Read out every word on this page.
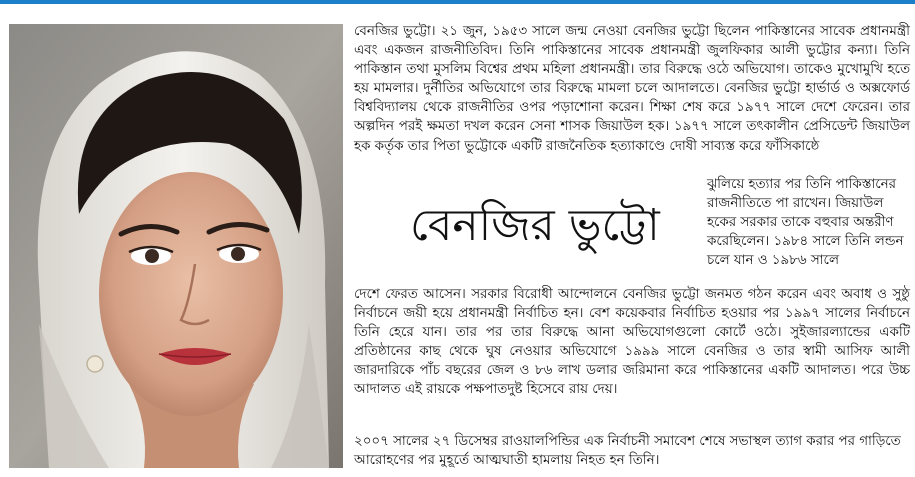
বেনজির ভুট্টো। ২১ জুন, ১৯৫৩ সালে জন্ম নেওয়া বেনজির ভুট্টো ছিলেন পাকিস্তানের সাবেক প্রধানমন্ত্রী এবং একজন রাজনীতিবিদ। তিনি পাকিস্তানের সাবেক প্রধানমন্ত্রী জুলফিকার আলী ভুট্টোর কন্যা। তিনি পাকিস্তান তথা মুসলিম বিশ্বের প্রথম মহিলা প্রধানমন্ত্রী। তার বিরুদ্ধে ওঠে অভিযোগ। তাকেও মুখোমুখি হতে হয় মামলার। দুর্নীতির অভিযোগে তার বিরুদ্ধে মামলা চলে আদালতে। বেনজির ভুট্টো হার্ভার্ড ও অক্সফোর্ড বিশ্ববিদ্যালয় থেকে রাজনীতির ওপর পড়াশোনা করেন। শিক্ষা শেষ করে ১৯৭৭ সালে দেশে ফেরেন। তার অল্পদিন পরই ক্ষমতা দখল করেন সেনা শাসক জিয়াউল হক। ১৯৭৭ সালে তৎকালীন প্রেসিডেন্ট জিয়াউল হক কর্তৃক তার পিতা ভুট্টোকে একটি রাজনৈতিক হত্যাকাণ্ডে দোষী সাব্যস্ত করে ফাঁসিকাষ্ঠে

ঝুলিয়ে হত্যার পর তিনি পাকিস্তানের রাজনীতিতে পা রাখেন। জিয়াউল হকের সরকার তাকে বহুবার অন্তরীণ করেছিলেন। ১৯৮৪ সালে তিনি লন্ডন চলে যান ও ১৯৮৬ সালে

বেনজির ভুট্টো

দেশে ফেরত আসেন। সরকার বিরোধী আন্দোলনে বেনজির ভুট্টো জনমত গঠন করেন এবং অবাধ ও সুষ্ঠু নির্বাচনে জয়ী হয়ে প্রধানমন্ত্রী নির্বাচিত হন। বেশ কয়েকবার নির্বাচিত হওয়ার পর ১৯৯৭ সালের নির্বাচনে তিনি হেরে যান। তার পর তার বিরুদ্ধে আনা অভিযোগগুলো কোর্টে ওঠে। সুইজারল্যান্ডের একটি প্রতিষ্ঠানের কাছ থেকে ঘুষ নেওয়ার অভিযোগে ১৯৯৯ সালে বেনজির ও তার স্বামী আসিফ আলী জারদারিকে পাঁচ বছরের জেল ও ৮৬ লাখ ডলার জরিমানা করে পাকিস্তানের একটি আদালত। পরে উচ্চ আদালত এই রায়কে পক্ষপাতদুষ্ট হিসেবে রায় দেয়।

২০০৭ সালের ২৭ ডিসেম্বর রাওয়ালপিন্ডির এক নির্বাচনী সমাবেশ শেষে সভাস্থল ত্যাগ করার পর গাড়িতে আরোহণের পর মুহূর্তে আত্মঘাতী হামলায় নিহত হন তিনি।
